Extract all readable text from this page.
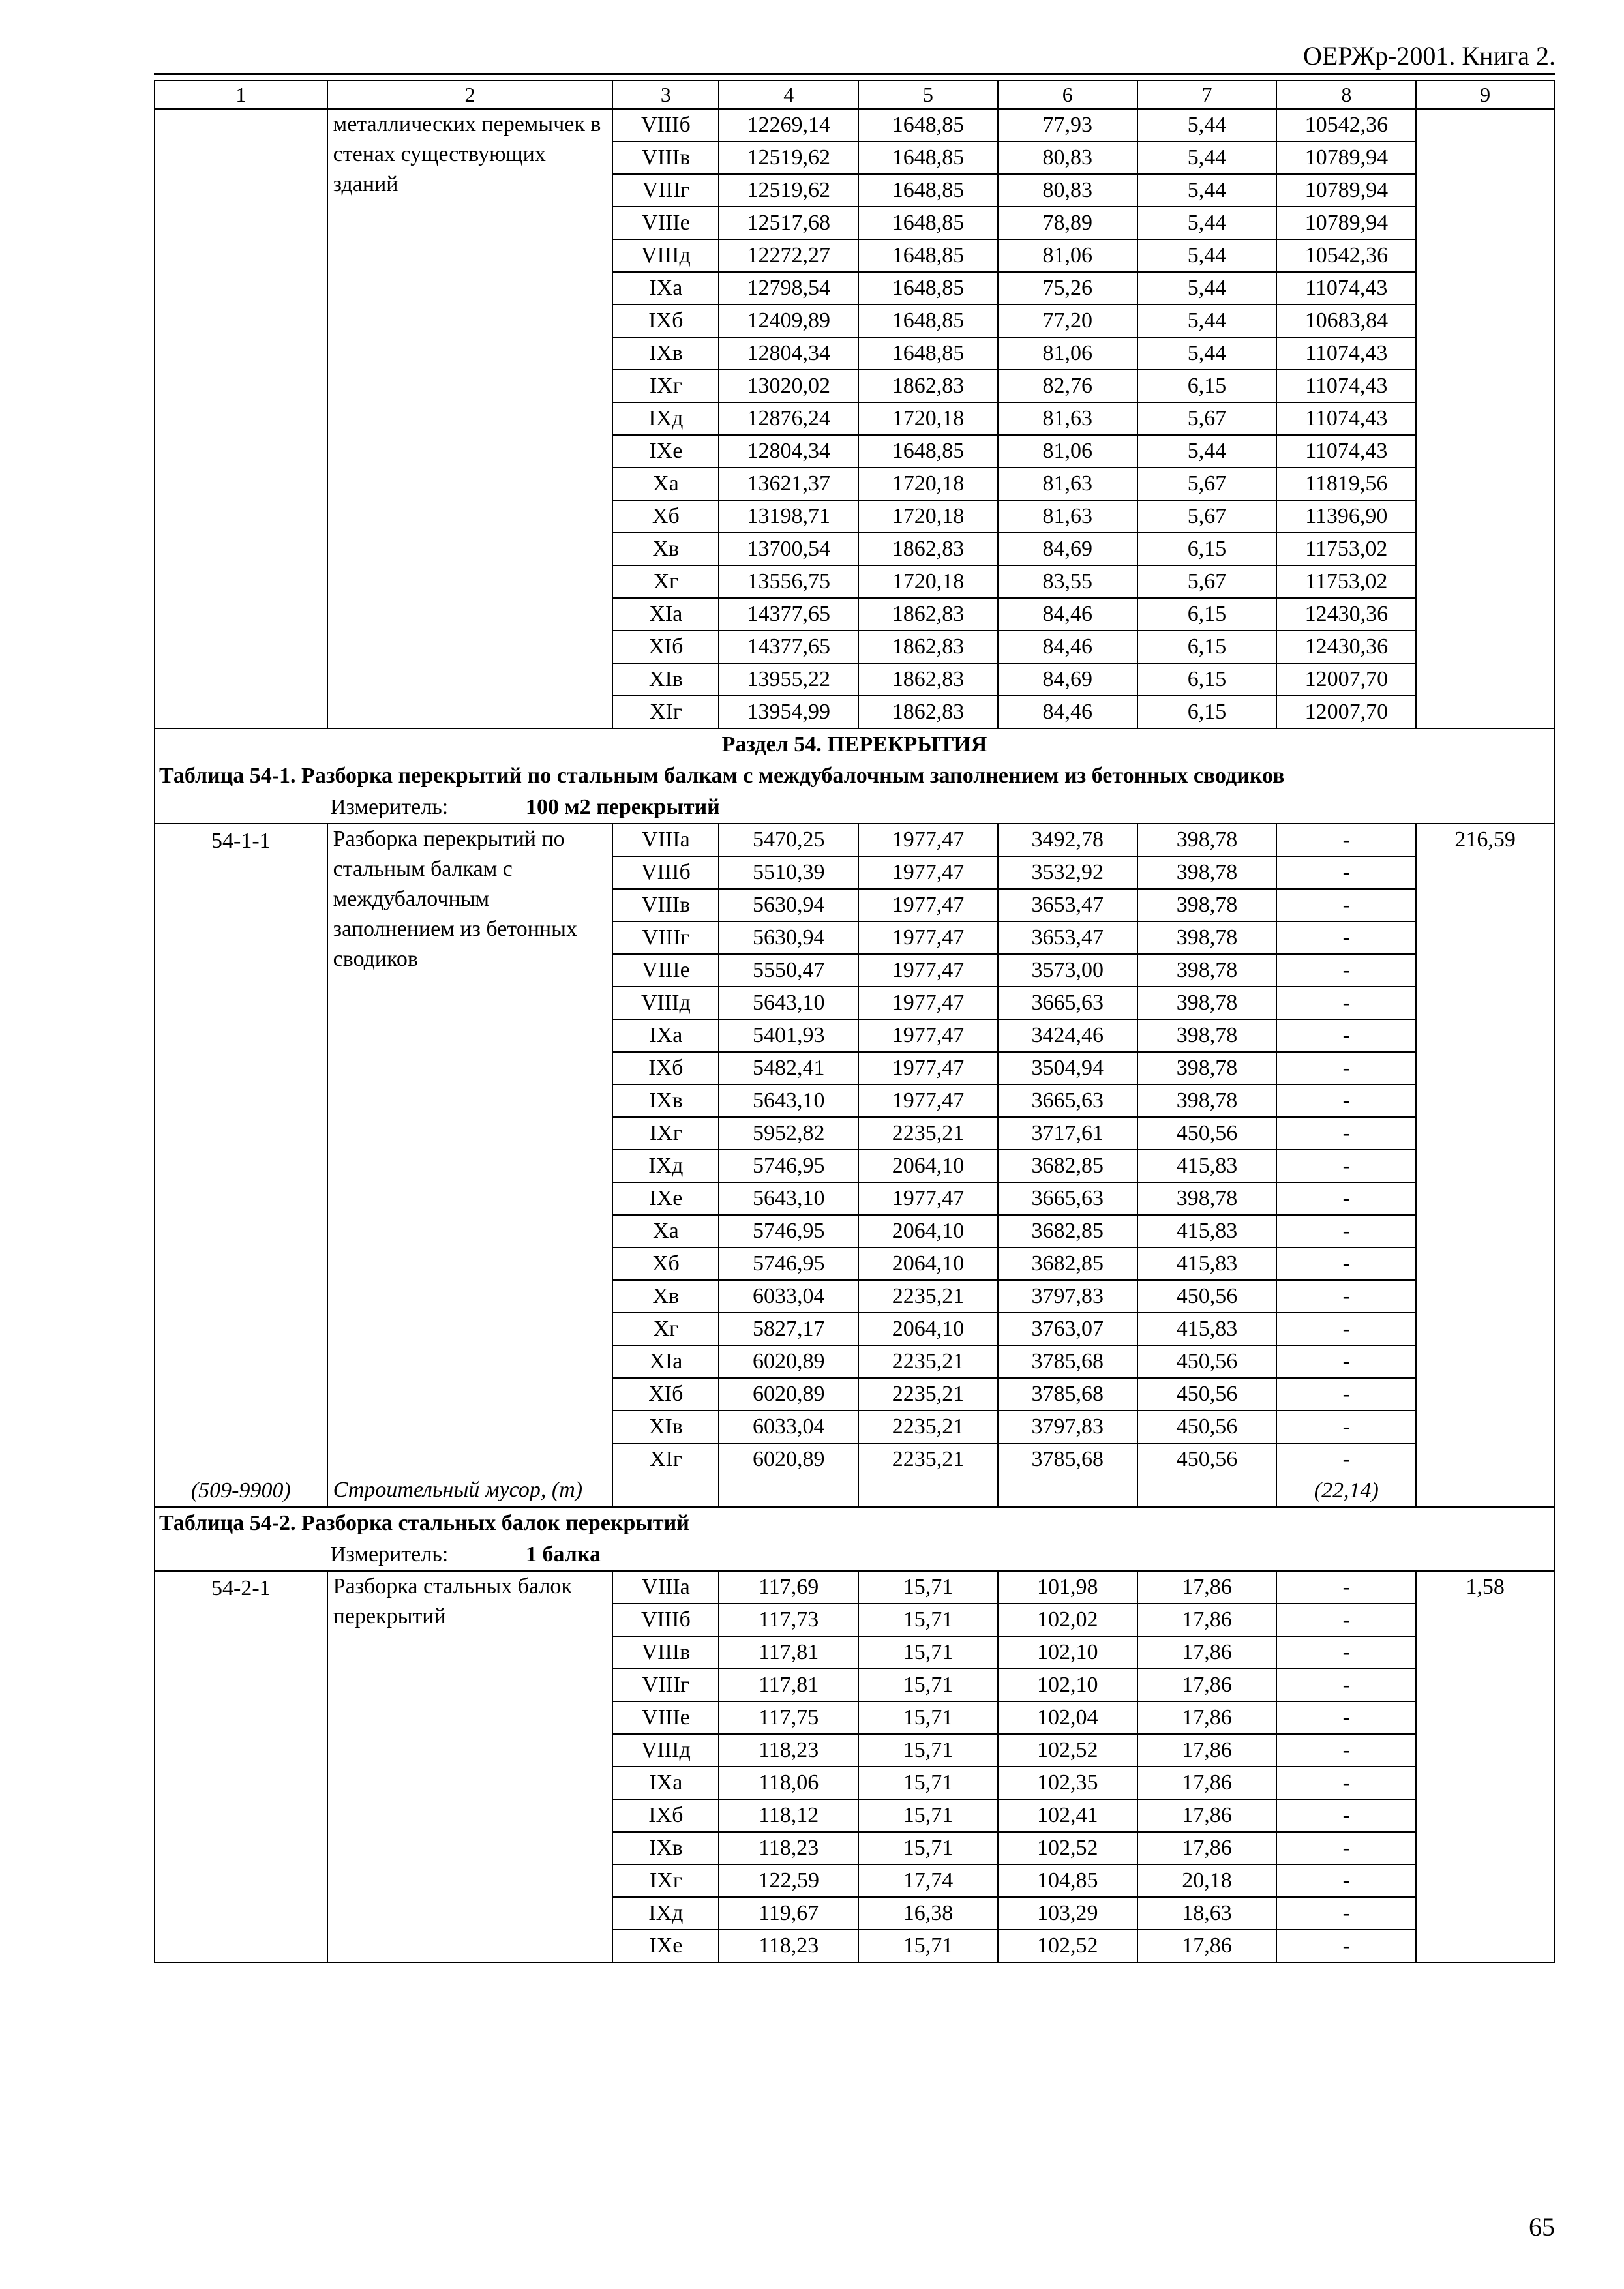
ОЕРЖр-2001. Книга 2.
1	2	3	4	5	6	7	8	9
	металлических перемычек в стенах существующих зданий	VIIIб	12269,14	1648,85	77,93	5,44	10542,36	
		VIIIв	12519,62	1648,85	80,83	5,44	10789,94	
		VIIIг	12519,62	1648,85	80,83	5,44	10789,94	
		VIIIе	12517,68	1648,85	78,89	5,44	10789,94	
		VIIIд	12272,27	1648,85	81,06	5,44	10542,36	
		IXа	12798,54	1648,85	75,26	5,44	11074,43	
		IXб	12409,89	1648,85	77,20	5,44	10683,84	
		IXв	12804,34	1648,85	81,06	5,44	11074,43	
		IXг	13020,02	1862,83	82,76	6,15	11074,43	
		IXд	12876,24	1720,18	81,63	5,67	11074,43	
		IXе	12804,34	1648,85	81,06	5,44	11074,43	
		Xа	13621,37	1720,18	81,63	5,67	11819,56	
		Xб	13198,71	1720,18	81,63	5,67	11396,90	
		Xв	13700,54	1862,83	84,69	6,15	11753,02	
		Xг	13556,75	1720,18	83,55	5,67	11753,02	
		XIа	14377,65	1862,83	84,46	6,15	12430,36	
		XIб	14377,65	1862,83	84,46	6,15	12430,36	
		XIв	13955,22	1862,83	84,69	6,15	12007,70	
		XIг	13954,99	1862,83	84,46	6,15	12007,70	
Раздел 54. ПЕРЕКРЫТИЯ								
Таблица 54-1. Разборка перекрытий по стальным балкам с междубалочным заполнением из бетонных сводиков								
Измеритель: 100 м2 перекрытий								
54-1-1	Разборка перекрытий по стальным балкам с междубалочным заполнением из бетонных сводиков	VIIIа	5470,25	1977,47	3492,78	398,78	-	216,59
		VIIIб	5510,39	1977,47	3532,92	398,78	-	
		VIIIв	5630,94	1977,47	3653,47	398,78	-	
		VIIIг	5630,94	1977,47	3653,47	398,78	-	
		VIIIе	5550,47	1977,47	3573,00	398,78	-	
		VIIIд	5643,10	1977,47	3665,63	398,78	-	
		IXа	5401,93	1977,47	3424,46	398,78	-	
		IXб	5482,41	1977,47	3504,94	398,78	-	
		IXв	5643,10	1977,47	3665,63	398,78	-	
		IXг	5952,82	2235,21	3717,61	450,56	-	
		IXд	5746,95	2064,10	3682,85	415,83	-	
		IXе	5643,10	1977,47	3665,63	398,78	-	
		Xа	5746,95	2064,10	3682,85	415,83	-	
		Xб	5746,95	2064,10	3682,85	415,83	-	
		Xв	6033,04	2235,21	3797,83	450,56	-	
		Xг	5827,17	2064,10	3763,07	415,83	-	
		XIа	6020,89	2235,21	3785,68	450,56	-	
		XIб	6020,89	2235,21	3785,68	450,56	-	
		XIв	6033,04	2235,21	3797,83	450,56	-	
		XIг	6020,89	2235,21	3785,68	450,56	-	
(509-9900)	Строительный мусор, (т)						(22,14)	
Таблица 54-2. Разборка стальных балок перекрытий								
Измеритель: 1 балка								
54-2-1	Разборка стальных балок перекрытий	VIIIа	117,69	15,71	101,98	17,86	-	1,58
		VIIIб	117,73	15,71	102,02	17,86	-	
		VIIIв	117,81	15,71	102,10	17,86	-	
		VIIIг	117,81	15,71	102,10	17,86	-	
		VIIIе	117,75	15,71	102,04	17,86	-	
		VIIIд	118,23	15,71	102,52	17,86	-	
		IXа	118,06	15,71	102,35	17,86	-	
		IXб	118,12	15,71	102,41	17,86	-	
		IXв	118,23	15,71	102,52	17,86	-	
		IXг	122,59	17,74	104,85	20,18	-	
		IXд	119,67	16,38	103,29	18,63	-	
		IXе	118,23	15,71	102,52	17,86	-	
65
